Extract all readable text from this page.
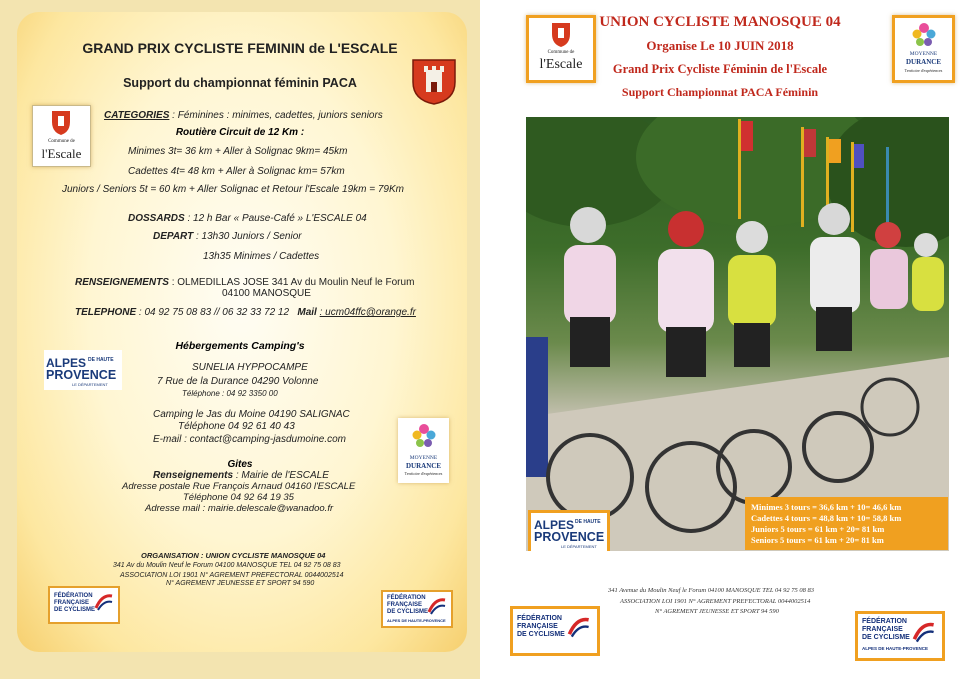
GRAND PRIX CYCLISTE FEMININ de L'ESCALE
Support du championnat féminin PACA
Commune de
l'Escale
CATEGORIES : Féminines : minimes, cadettes, juniors seniors
Routière Circuit de 12 Km :
Minimes 3t= 36 km + Aller à Solignac 9km= 45km
Cadettes 4t= 48 km + Aller à Solignac km= 57km
Juniors / Seniors 5t = 60 km + Aller Solignac et Retour l'Escale 19km = 79Km
DOSSARDS : 12 h Bar « Pause-Café » L'ESCALE 04
DEPART : 13h30 Juniors / Senior
13h35 Minimes / Cadettes
RENSEIGNEMENTS : OLMEDILLAS JOSE 341 Av du Moulin Neuf le Forum
04100 MANOSQUE
TELEPHONE : 04 92 75 08 83 // 06 32 33 72 12 Mail : ucm04ffc@orange.fr
Hébergements Camping's
ALPES DE HAUTE
PROVENCE
LE DÉPARTEMENT
SUNELIA HYPPOCAMPE
7 Rue de la Durance 04290 Volonne
Téléphone : 04 92 3350 00
Camping le Jas du Moine 04190 SALIGNAC
Téléphone 04 92 61 40 43
E-mail : contact@camping-jasdumoine.com
MOYENNE
DURANCE
Territoire d'expériences
Gites
Renseignements : Mairie de l'ESCALE
Adresse postale Rue François Arnaud 04160 l'ESCALE
Téléphone 04 92 64 19 35
Adresse mail : mairie.delescale@wanadoo.fr
ORGANISATION : UNION CYCLISTE MANOSQUE 04
341 Av du Moulin Neuf le Forum 04100 MANOSQUE TEL 04 92 75 08 83
ASSOCIATION LOI 1901 N° AGREMENT PREFECTORAL 0044002514
N° AGREMENT JEUNESSE ET SPORT 94 590
FÉDÉRATION
FRANÇAISE
DE CYCLISME
FÉDÉRATION
FRANÇAISE
DE CYCLISME
ALPES DE HAUTE-PROVENCE
Commune de
l'Escale
MOYENNE
DURANCE
Territoire d'expériences
UNION CYCLISTE MANOSQUE 04
Organise Le 10 JUIN 2018
Grand Prix Cycliste Féminin de l'Escale
Support Championnat PACA Féminin
ALPES DE HAUTE
PROVENCE
LE DÉPARTEMENT
Minimes 3 tours = 36,6 km + 10= 46,6 km
Cadettes 4 tours = 48,8 km + 10= 58,8 km
Juniors 5 tours = 61 km + 20= 81 km
Seniors 5 tours = 61 km + 20= 81 km
341 Avenue du Moulin Neuf le Forum 04100 MANOSQUE TEL 04 92 75 08 83
ASSOCIATION LOI 1901 N° AGREMENT PREFECTORAL 0044002514
N° AGREMENT JEUNESSE ET SPORT 94 590
FÉDÉRATION
FRANÇAISE
DE CYCLISME
FÉDÉRATION
FRANÇAISE
DE CYCLISME
ALPES DE HAUTE-PROVENCE
